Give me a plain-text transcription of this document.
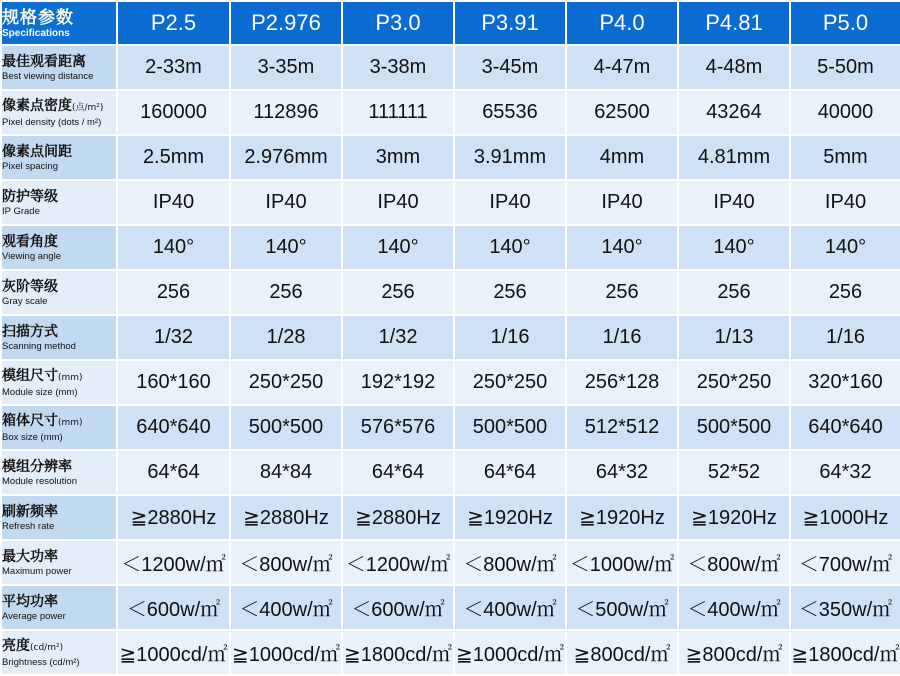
规格参数
Specifications	P2.5	P2.976	P3.0	P3.91	P4.0	P4.81	P5.0

最佳观看距离
Best viewing distance	2-33m	3-35m	3-38m	3-45m	4-47m	4-48m	5-50m

像素点密度(点/m²)
Pixel density (dots / m²)	160000	112896	111111	65536	62500	43264	40000

像素点间距
Pixel spacing	2.5mm	2.976mm	3mm	3.91mm	4mm	4.81mm	5mm

防护等级
IP Grade	IP40	IP40	IP40	IP40	IP40	IP40	IP40

观看角度
Viewing angle	140°	140°	140°	140°	140°	140°	140°

灰阶等级
Gray scale	256	256	256	256	256	256	256

扫描方式
Scanning method	1/32	1/28	1/32	1/16	1/16	1/13	1/16

模组尺寸(mm)
Module size (mm)	160*160	250*250	192*192	250*250	256*128	250*250	320*160

箱体尺寸(mm)
Box size (mm)	640*640	500*500	576*576	500*500	512*512	500*500	640*640

模组分辨率
Module resolution	64*64	84*84	64*64	64*64	64*32	52*52	64*32

刷新频率
Refresh rate	≧2880Hz	≧2880Hz	≧2880Hz	≧1920Hz	≧1920Hz	≧1920Hz	≧1000Hz

最大功率
Maximum power	＜1200w/㎡	＜800w/㎡	＜1200w/㎡	＜800w/㎡	＜1000w/㎡	＜800w/㎡	＜700w/㎡

平均功率
Average power	＜600w/㎡	＜400w/㎡	＜600w/㎡	＜400w/㎡	＜500w/㎡	＜400w/㎡	＜350w/㎡

亮度(cd/m²)
Brightness (cd/m²)	≧1000cd/㎡	≧1000cd/㎡	≧1800cd/㎡	≧1000cd/㎡	≧800cd/㎡	≧800cd/㎡	≧1800cd/㎡
